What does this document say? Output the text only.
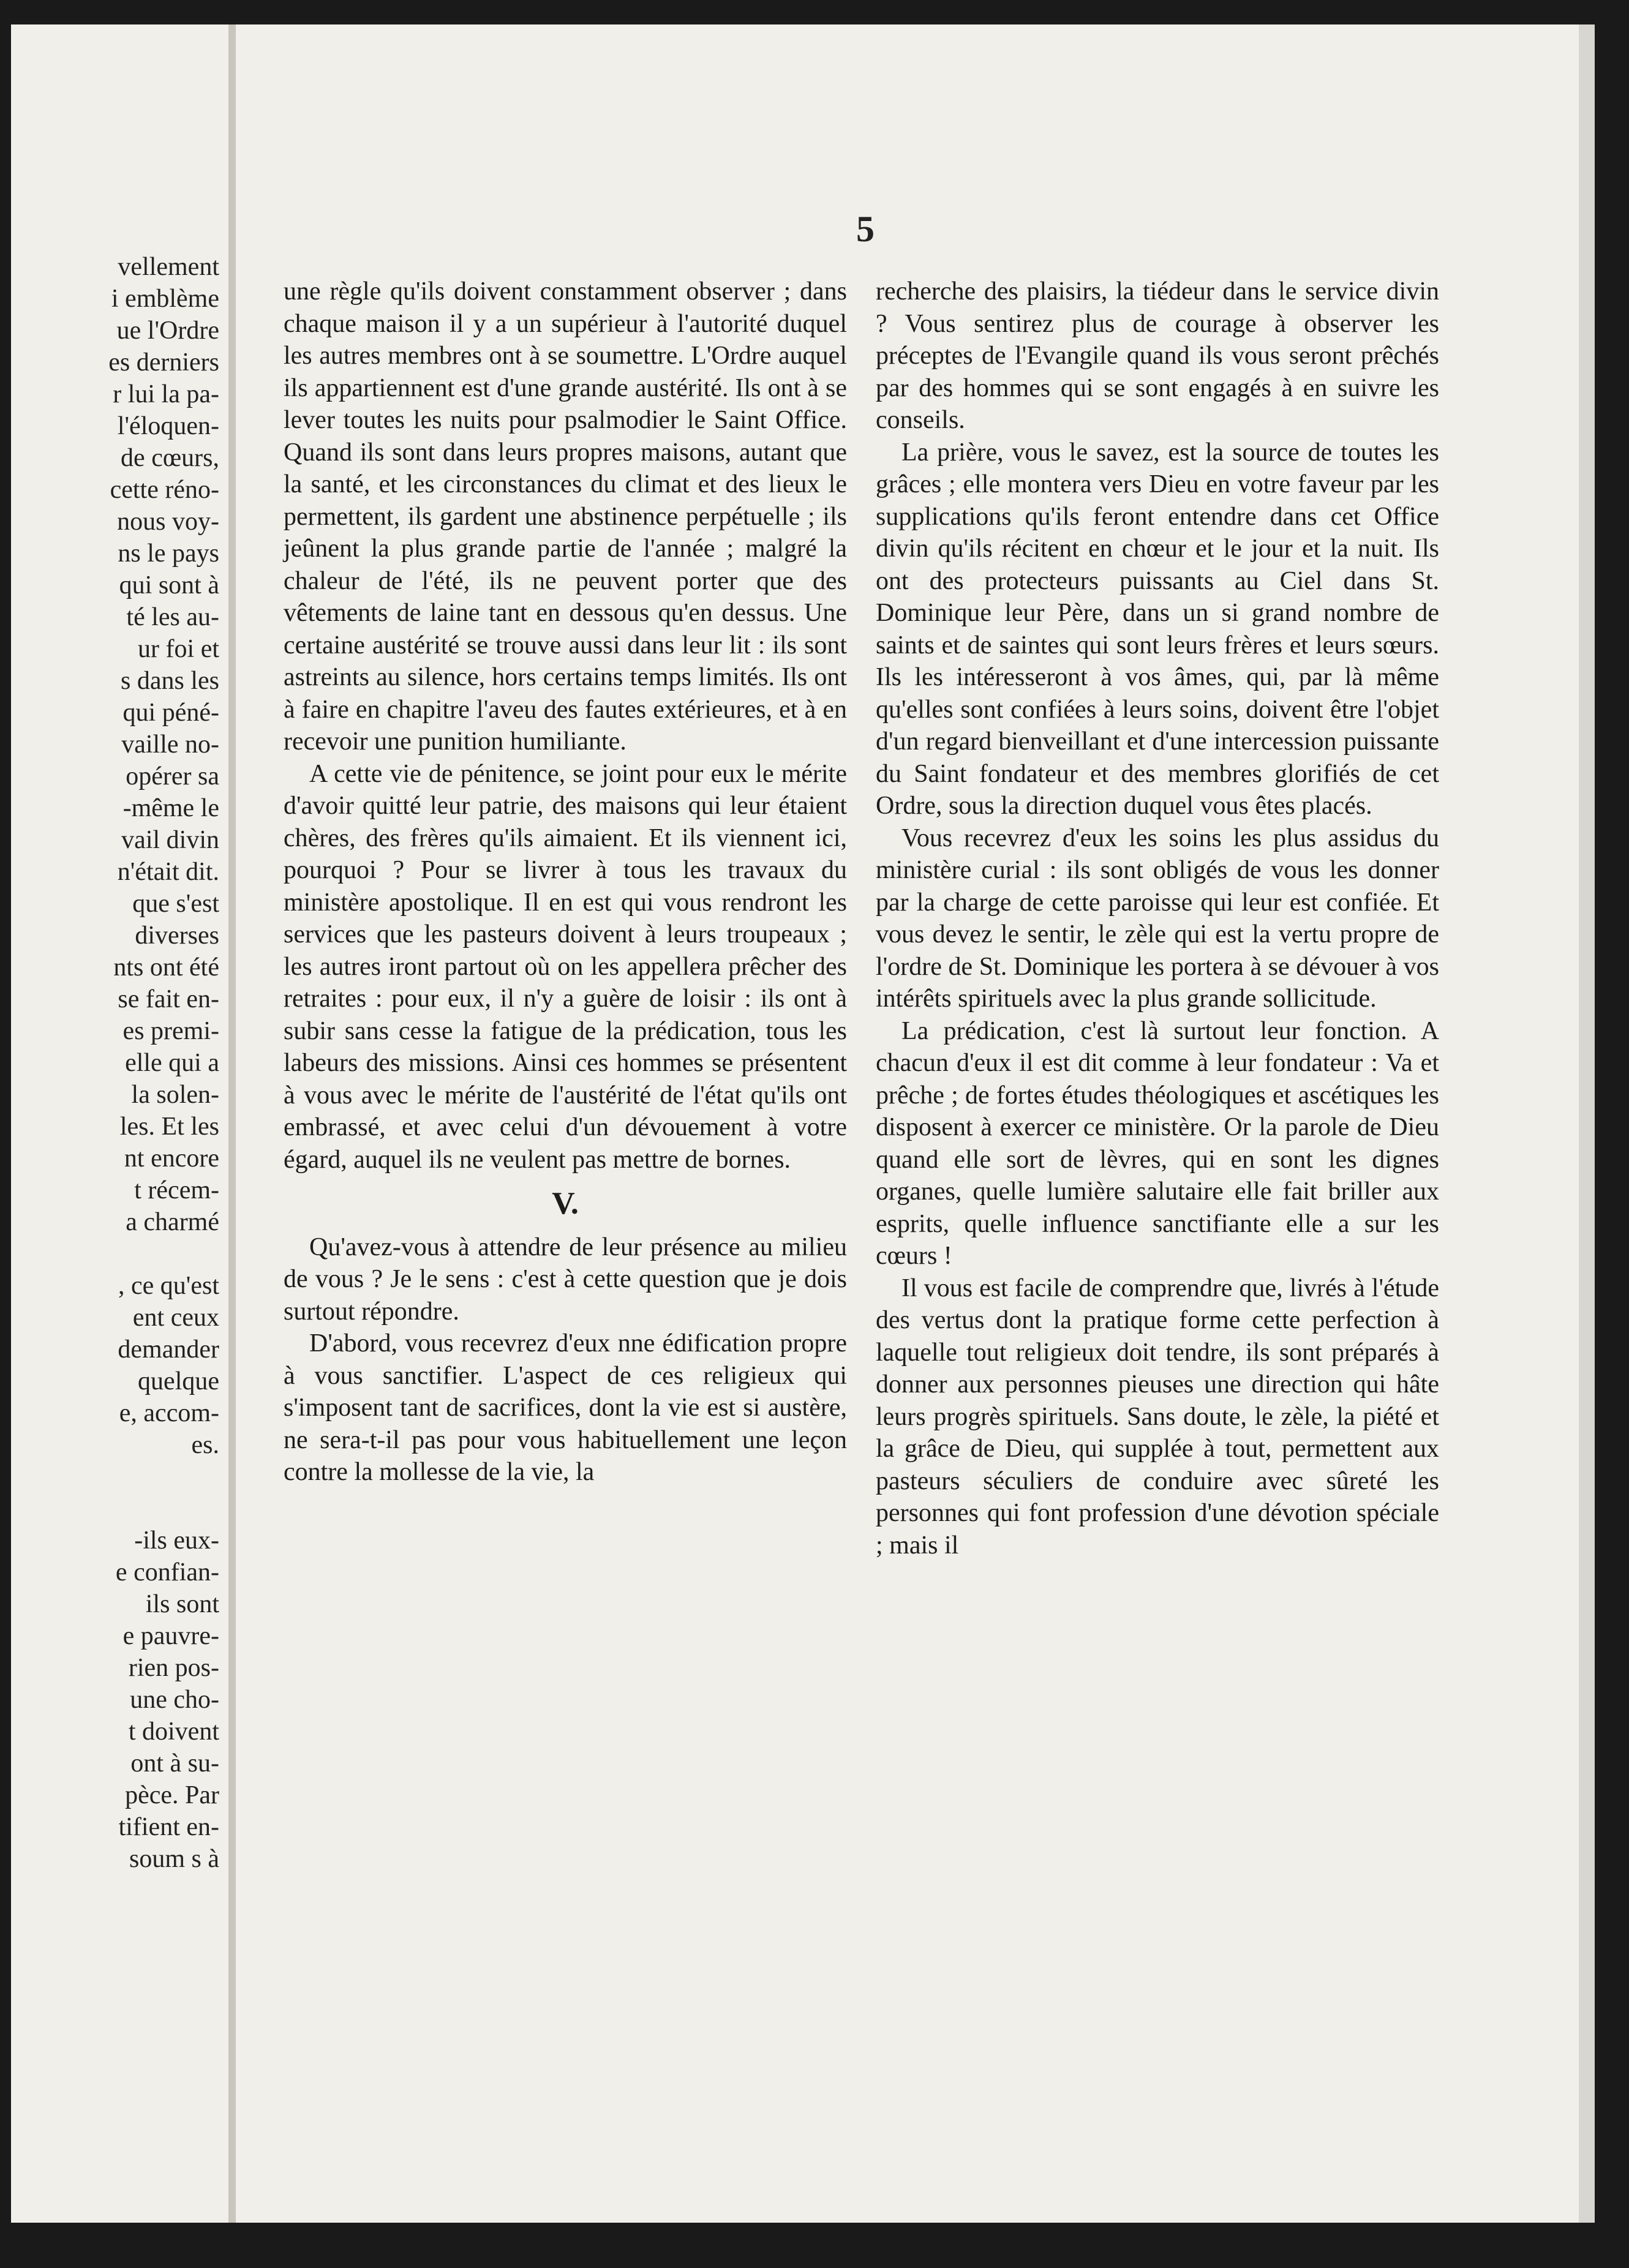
vellement
i emblème
ue l'Ordre
es derniers
r lui la pa-
l'éloquen-
de cœurs,
cette réno-
nous voy-
ns le pays
qui sont à
té les au-
ur foi et
s dans les
qui péné-
vaille no-
opérer sa
-même le
vail divin
n'était dit.
que s'est
diverses
nts ont été
se fait en-
es premi-
elle qui a
la solen-
les. Et les
nt encore
t récem-
a charmé
, ce qu'est
ent ceux
demander
quelque
e, accom-
es.
-ils eux-
e confian-
ils sont
e pauvre-
rien pos-
une cho-
t doivent
ont à su-
pèce. Par
tifient en-
soum s à
5

une règle qu'ils doivent constamment observer ; dans chaque maison il y a un supérieur à l'autorité duquel les autres membres ont à se soumettre. L'Ordre auquel ils appartiennent est d'une grande austérité. Ils ont à se lever toutes les nuits pour psalmodier le Saint Office. Quand ils sont dans leurs propres maisons, autant que la santé, et les circonstances du climat et des lieux le permettent, ils gardent une abstinence perpétuelle ; ils jeûnent la plus grande partie de l'année ; malgré la chaleur de l'été, ils ne peuvent porter que des vêtements de laine tant en dessous qu'en dessus. Une certaine austérité se trouve aussi dans leur lit : ils sont astreints au silence, hors certains temps limités. Ils ont à faire en chapitre l'aveu des fautes extérieures, et à en recevoir une punition humiliante.

A cette vie de pénitence, se joint pour eux le mérite d'avoir quitté leur patrie, des maisons qui leur étaient chères, des frères qu'ils aimaient. Et ils viennent ici, pourquoi ? Pour se livrer à tous les travaux du ministère apostolique. Il en est qui vous rendront les services que les pasteurs doivent à leurs troupeaux ; les autres iront partout où on les appellera prêcher des retraites : pour eux, il n'y a guère de loisir : ils ont à subir sans cesse la fatigue de la prédication, tous les labeurs des missions. Ainsi ces hommes se présentent à vous avec le mérite de l'austérité de l'état qu'ils ont embrassé, et avec celui d'un dévouement à votre égard, auquel ils ne veulent pas mettre de bornes.

V.

Qu'avez-vous à attendre de leur présence au milieu de vous ? Je le sens : c'est à cette question que je dois surtout répondre.

D'abord, vous recevrez d'eux nne édification propre à vous sanctifier. L'aspect de ces religieux qui s'imposent tant de sacrifices, dont la vie est si austère, ne sera-t-il pas pour vous habituellement une leçon contre la mollesse de la vie, la

recherche des plaisirs, la tiédeur dans le service divin ? Vous sentirez plus de courage à observer les préceptes de l'Evangile quand ils vous seront prêchés par des hommes qui se sont engagés à en suivre les conseils.

La prière, vous le savez, est la source de toutes les grâces ; elle montera vers Dieu en votre faveur par les supplications qu'ils feront entendre dans cet Office divin qu'ils récitent en chœur et le jour et la nuit. Ils ont des protecteurs puissants au Ciel dans St. Dominique leur Père, dans un si grand nombre de saints et de saintes qui sont leurs frères et leurs sœurs. Ils les intéresseront à vos âmes, qui, par là même qu'elles sont confiées à leurs soins, doivent être l'objet d'un regard bienveillant et d'une intercession puissante du Saint fondateur et des membres glorifiés de cet Ordre, sous la direction duquel vous êtes placés.

Vous recevrez d'eux les soins les plus assidus du ministère curial : ils sont obligés de vous les donner par la charge de cette paroisse qui leur est confiée. Et vous devez le sentir, le zèle qui est la vertu propre de l'ordre de St. Dominique les portera à se dévouer à vos intérêts spirituels avec la plus grande sollicitude.

La prédication, c'est là surtout leur fonction. A chacun d'eux il est dit comme à leur fondateur : Va et prêche ; de fortes études théologiques et ascétiques les disposent à exercer ce ministère. Or la parole de Dieu quand elle sort de lèvres, qui en sont les dignes organes, quelle lumière salutaire elle fait briller aux esprits, quelle influence sanctifiante elle a sur les cœurs !

Il vous est facile de comprendre que, livrés à l'étude des vertus dont la pratique forme cette perfection à laquelle tout religieux doit tendre, ils sont préparés à donner aux personnes pieuses une direction qui hâte leurs progrès spirituels. Sans doute, le zèle, la piété et la grâce de Dieu, qui supplée à tout, permettent aux pasteurs séculiers de conduire avec sûreté les personnes qui font profession d'une dévotion spéciale ; mais il
